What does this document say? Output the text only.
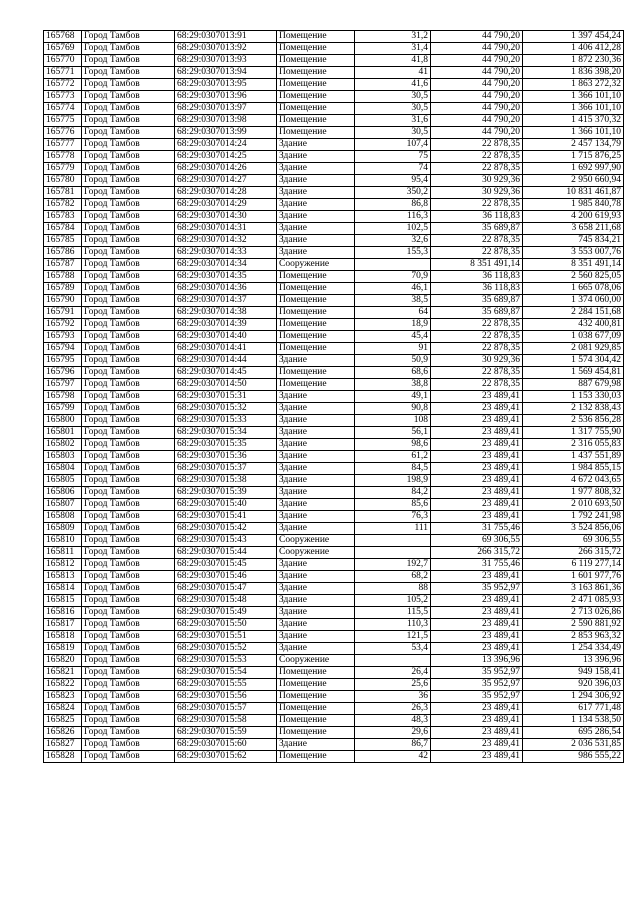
165768	Город Тамбов	68:29:0307013:91	Помещение	31,2	44 790,20	1 397 454,24
165769	Город Тамбов	68:29:0307013:92	Помещение	31,4	44 790,20	1 406 412,28
165770	Город Тамбов	68:29:0307013:93	Помещение	41,8	44 790,20	1 872 230,36
165771	Город Тамбов	68:29:0307013:94	Помещение	41	44 790,20	1 836 398,20
165772	Город Тамбов	68:29:0307013:95	Помещение	41,6	44 790,20	1 863 272,32
165773	Город Тамбов	68:29:0307013:96	Помещение	30,5	44 790,20	1 366 101,10
165774	Город Тамбов	68:29:0307013:97	Помещение	30,5	44 790,20	1 366 101,10
165775	Город Тамбов	68:29:0307013:98	Помещение	31,6	44 790,20	1 415 370,32
165776	Город Тамбов	68:29:0307013:99	Помещение	30,5	44 790,20	1 366 101,10
165777	Город Тамбов	68:29:0307014:24	Здание	107,4	22 878,35	2 457 134,79
165778	Город Тамбов	68:29:0307014:25	Здание	75	22 878,35	1 715 876,25
165779	Город Тамбов	68:29:0307014:26	Здание	74	22 878,35	1 692 997,90
165780	Город Тамбов	68:29:0307014:27	Здание	95,4	30 929,36	2 950 660,94
165781	Город Тамбов	68:29:0307014:28	Здание	350,2	30 929,36	10 831 461,87
165782	Город Тамбов	68:29:0307014:29	Здание	86,8	22 878,35	1 985 840,78
165783	Город Тамбов	68:29:0307014:30	Здание	116,3	36 118,83	4 200 619,93
165784	Город Тамбов	68:29:0307014:31	Здание	102,5	35 689,87	3 658 211,68
165785	Город Тамбов	68:29:0307014:32	Здание	32,6	22 878,35	745 834,21
165786	Город Тамбов	68:29:0307014:33	Здание	155,3	22 878,35	3 553 007,76
165787	Город Тамбов	68:29:0307014:34	Сооружение		8 351 491,14	8 351 491,14
165788	Город Тамбов	68:29:0307014:35	Помещение	70,9	36 118,83	2 560 825,05
165789	Город Тамбов	68:29:0307014:36	Помещение	46,1	36 118,83	1 665 078,06
165790	Город Тамбов	68:29:0307014:37	Помещение	38,5	35 689,87	1 374 060,00
165791	Город Тамбов	68:29:0307014:38	Помещение	64	35 689,87	2 284 151,68
165792	Город Тамбов	68:29:0307014:39	Помещение	18,9	22 878,35	432 400,81
165793	Город Тамбов	68:29:0307014:40	Помещение	45,4	22 878,35	1 038 677,09
165794	Город Тамбов	68:29:0307014:41	Помещение	91	22 878,35	2 081 929,85
165795	Город Тамбов	68:29:0307014:44	Здание	50,9	30 929,36	1 574 304,42
165796	Город Тамбов	68:29:0307014:45	Помещение	68,6	22 878,35	1 569 454,81
165797	Город Тамбов	68:29:0307014:50	Помещение	38,8	22 878,35	887 679,98
165798	Город Тамбов	68:29:0307015:31	Здание	49,1	23 489,41	1 153 330,03
165799	Город Тамбов	68:29:0307015:32	Здание	90,8	23 489,41	2 132 838,43
165800	Город Тамбов	68:29:0307015:33	Здание	108	23 489,41	2 536 856,28
165801	Город Тамбов	68:29:0307015:34	Здание	56,1	23 489,41	1 317 755,90
165802	Город Тамбов	68:29:0307015:35	Здание	98,6	23 489,41	2 316 055,83
165803	Город Тамбов	68:29:0307015:36	Здание	61,2	23 489,41	1 437 551,89
165804	Город Тамбов	68:29:0307015:37	Здание	84,5	23 489,41	1 984 855,15
165805	Город Тамбов	68:29:0307015:38	Здание	198,9	23 489,41	4 672 043,65
165806	Город Тамбов	68:29:0307015:39	Здание	84,2	23 489,41	1 977 808,32
165807	Город Тамбов	68:29:0307015:40	Здание	85,6	23 489,41	2 010 693,50
165808	Город Тамбов	68:29:0307015:41	Здание	76,3	23 489,41	1 792 241,98
165809	Город Тамбов	68:29:0307015:42	Здание	111	31 755,46	3 524 856,06
165810	Город Тамбов	68:29:0307015:43	Сооружение		69 306,55	69 306,55
165811	Город Тамбов	68:29:0307015:44	Сооружение		266 315,72	266 315,72
165812	Город Тамбов	68:29:0307015:45	Здание	192,7	31 755,46	6 119 277,14
165813	Город Тамбов	68:29:0307015:46	Здание	68,2	23 489,41	1 601 977,76
165814	Город Тамбов	68:29:0307015:47	Здание	88	35 952,97	3 163 861,36
165815	Город Тамбов	68:29:0307015:48	Здание	105,2	23 489,41	2 471 085,93
165816	Город Тамбов	68:29:0307015:49	Здание	115,5	23 489,41	2 713 026,86
165817	Город Тамбов	68:29:0307015:50	Здание	110,3	23 489,41	2 590 881,92
165818	Город Тамбов	68:29:0307015:51	Здание	121,5	23 489,41	2 853 963,32
165819	Город Тамбов	68:29:0307015:52	Здание	53,4	23 489,41	1 254 334,49
165820	Город Тамбов	68:29:0307015:53	Сооружение		13 396,96	13 396,96
165821	Город Тамбов	68:29:0307015:54	Помещение	26,4	35 952,97	949 158,41
165822	Город Тамбов	68:29:0307015:55	Помещение	25,6	35 952,97	920 396,03
165823	Город Тамбов	68:29:0307015:56	Помещение	36	35 952,97	1 294 306,92
165824	Город Тамбов	68:29:0307015:57	Помещение	26,3	23 489,41	617 771,48
165825	Город Тамбов	68:29:0307015:58	Помещение	48,3	23 489,41	1 134 538,50
165826	Город Тамбов	68:29:0307015:59	Помещение	29,6	23 489,41	695 286,54
165827	Город Тамбов	68:29:0307015:60	Здание	86,7	23 489,41	2 036 531,85
165828	Город Тамбов	68:29:0307015:62	Помещение	42	23 489,41	986 555,22
